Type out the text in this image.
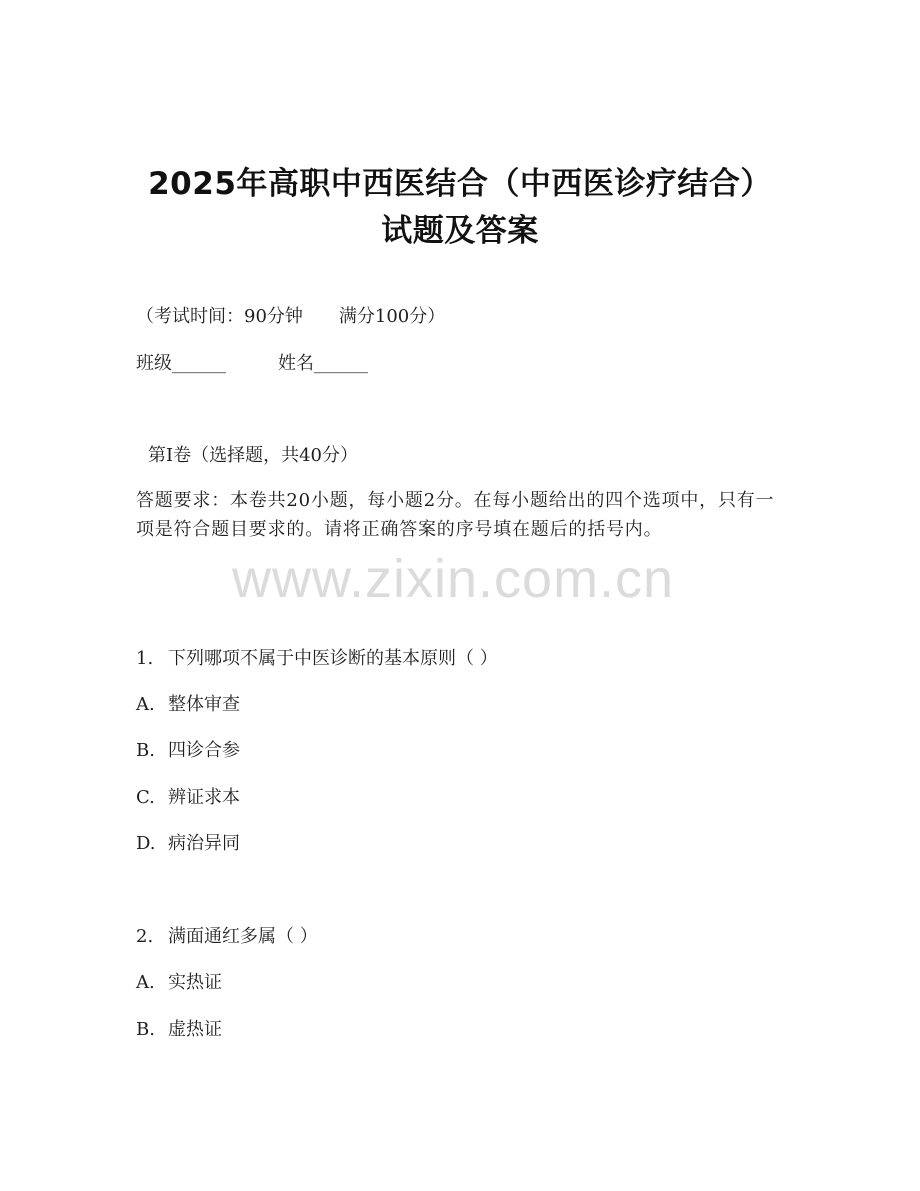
2025年高职中西医结合（中西医诊疗结合）
试题及答案
（考试时间：90分钟 满分100分）
班级______	姓名______
第I卷（选择题，共40分）
答题要求：本卷共20小题，每小题2分。在每小题给出的四个选项中，只有一项是符合题目要求的。请将正确答案的序号填在题后的括号内。
www.zixin.com.cn
1. 下列哪项不属于中医诊断的基本原则（ ）
A. 整体审查
B. 四诊合参
C. 辨证求本
D. 病治异同
2. 满面通红多属（ ）
A. 实热证
B. 虚热证
